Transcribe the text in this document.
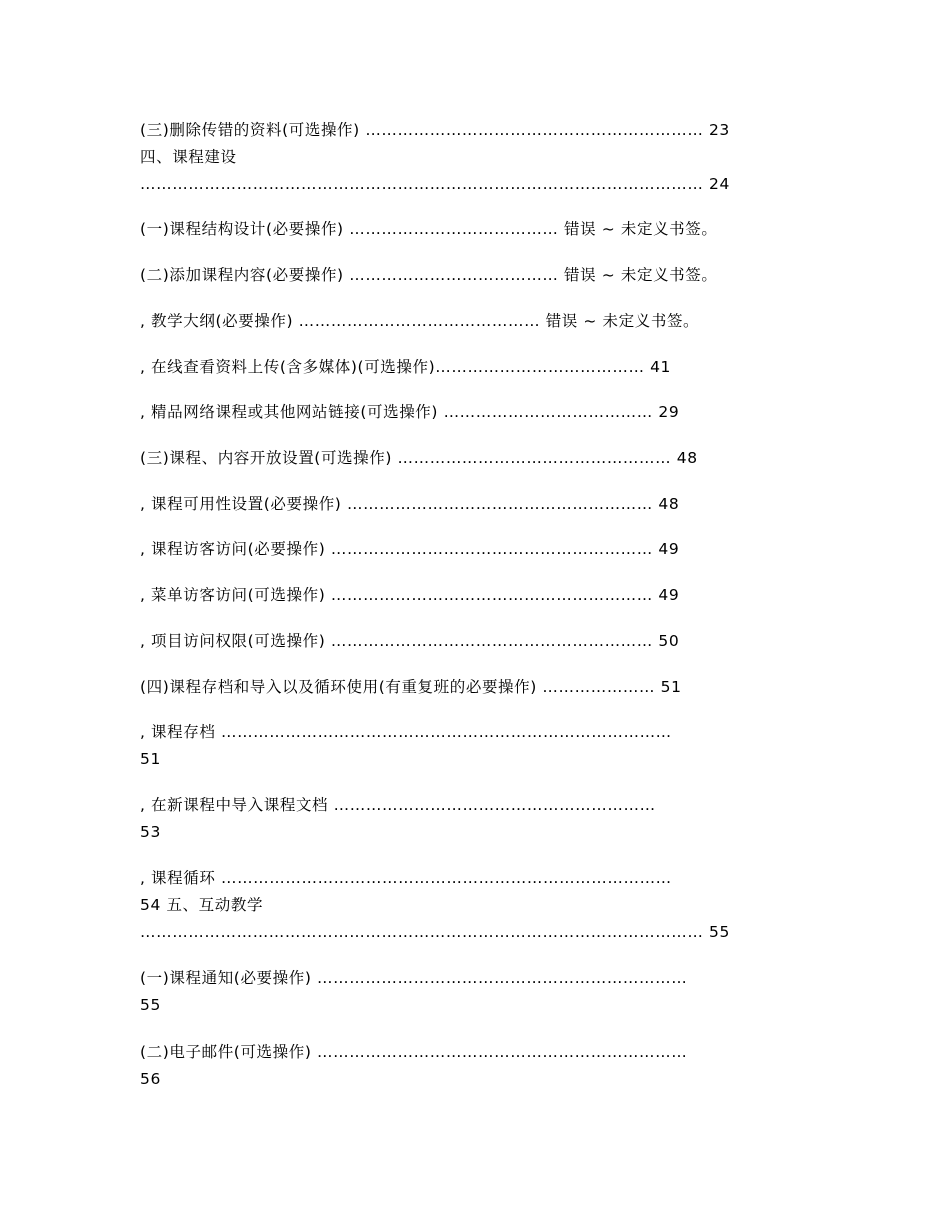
(三)删除传错的资料(可选操作) ……………………………………………………… 23
四、课程建设
…………………………………………………………………………………………… 24
(一)课程结构设计(必要操作) ………………………………… 错误 ~ 未定义书签。
(二)添加课程内容(必要操作) ………………………………… 错误 ~ 未定义书签。
, 教学大纲(必要操作) ……………………………………… 错误 ~ 未定义书签。
, 在线查看资料上传(含多媒体)(可选操作)………………………………… 41
, 精品网络课程或其他网站链接(可选操作) ………………………………… 29
(三)课程、内容开放设置(可选操作) …………………………………………… 48
, 课程可用性设置(必要操作) ………………………………………………… 48
, 课程访客访问(必要操作) …………………………………………………… 49
, 菜单访客访问(可选操作) …………………………………………………… 49
, 项目访问权限(可选操作) …………………………………………………… 50
(四)课程存档和导入以及循环使用(有重复班的必要操作) ………………… 51
, 课程存档 …………………………………………………………………………
51
, 在新课程中导入课程文档 ……………………………………………………
53
, 课程循环 …………………………………………………………………………
54 五、互动教学
…………………………………………………………………………………………… 55
(一)课程通知(必要操作) ……………………………………………………………
55
(二)电子邮件(可选操作) ……………………………………………………………
56
